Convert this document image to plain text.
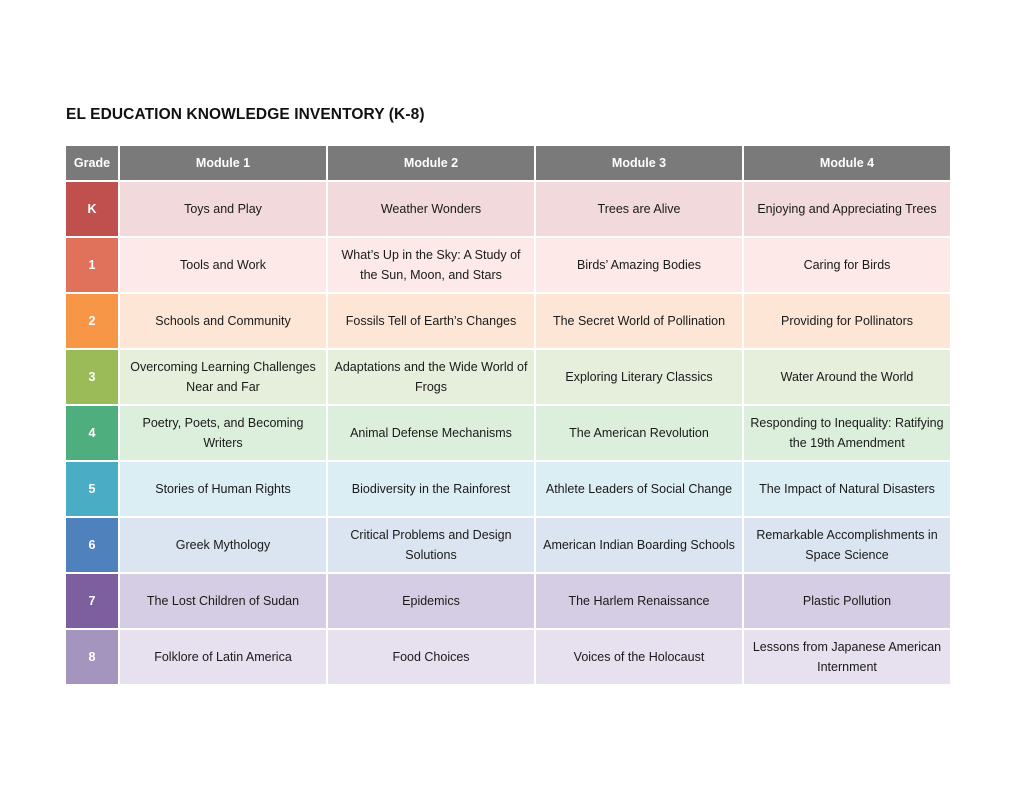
EL EDUCATION KNOWLEDGE INVENTORY (K-8)
Grade	Module 1	Module 2	Module 3	Module 4
K	Toys and Play	Weather Wonders	Trees are Alive	Enjoying and Appreciating Trees
1	Tools and Work	What’s Up in the Sky: A Study of the Sun, Moon, and Stars	Birds’ Amazing Bodies	Caring for Birds
2	Schools and Community	Fossils Tell of Earth’s Changes	The Secret World of Pollination	Providing for Pollinators
3	Overcoming Learning Challenges Near and Far	Adaptations and the Wide World of Frogs	Exploring Literary Classics	Water Around the World
4	Poetry, Poets, and Becoming Writers	Animal Defense Mechanisms	The American Revolution	Responding to Inequality: Ratifying the 19th Amendment
5	Stories of Human Rights	Biodiversity in the Rainforest	Athlete Leaders of Social Change	The Impact of Natural Disasters
6	Greek Mythology	Critical Problems and Design Solutions	American Indian Boarding Schools	Remarkable Accomplishments in Space Science
7	The Lost Children of Sudan	Epidemics	The Harlem Renaissance	Plastic Pollution
8	Folklore of Latin America	Food Choices	Voices of the Holocaust	Lessons from Japanese American Internment
